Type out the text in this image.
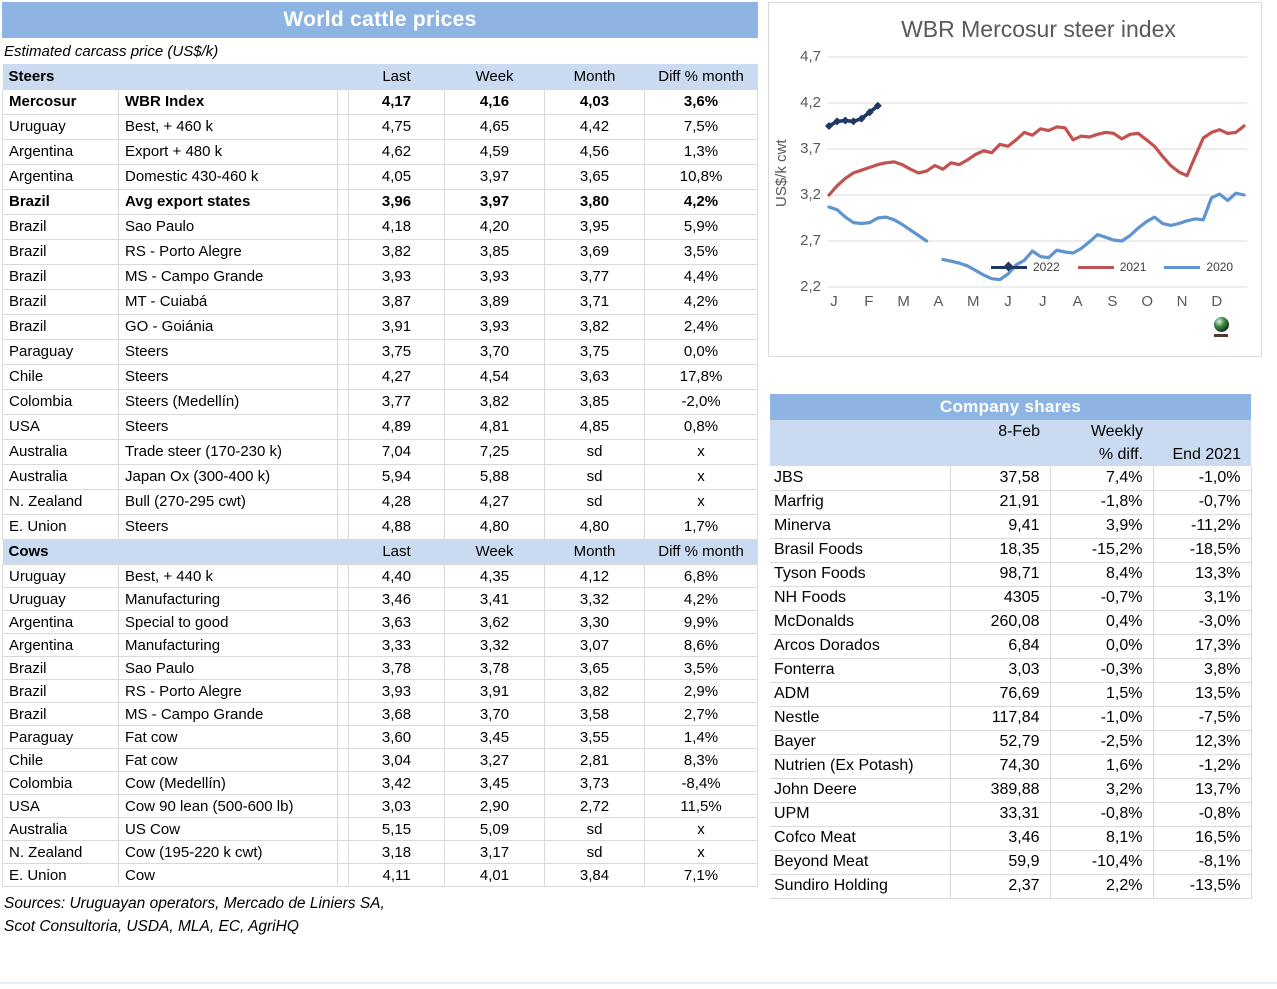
World cattle prices
Estimated carcass price (US$/k)
Steers			Last	Week	Month	Diff % month
Mercosur	WBR Index		4,17	4,16	4,03	3,6%
Uruguay	Best, + 460 k		4,75	4,65	4,42	7,5%
Argentina	Export + 480 k		4,62	4,59	4,56	1,3%
Argentina	Domestic 430-460 k		4,05	3,97	3,65	10,8%
Brazil	Avg export states		3,96	3,97	3,80	4,2%
Brazil	Sao Paulo		4,18	4,20	3,95	5,9%
Brazil	RS - Porto Alegre		3,82	3,85	3,69	3,5%
Brazil	MS - Campo Grande		3,93	3,93	3,77	4,4%
Brazil	MT - Cuiabá		3,87	3,89	3,71	4,2%
Brazil	GO - Goiánia		3,91	3,93	3,82	2,4%
Paraguay	Steers		3,75	3,70	3,75	0,0%
Chile	Steers		4,27	4,54	3,63	17,8%
Colombia	Steers (Medellín)		3,77	3,82	3,85	-2,0%
USA	Steers		4,89	4,81	4,85	0,8%
Australia	Trade steer (170-230 k)		7,04	7,25	sd	x
Australia	Japan Ox (300-400 k)		5,94	5,88	sd	x
N. Zealand	Bull (270-295 cwt)		4,28	4,27	sd	x
E. Union	Steers		4,88	4,80	4,80	1,7%
Cows			Last	Week	Month	Diff % month
Uruguay	Best, + 440 k		4,40	4,35	4,12	6,8%
Uruguay	Manufacturing		3,46	3,41	3,32	4,2%
Argentina	Special to good		3,63	3,62	3,30	9,9%
Argentina	Manufacturing		3,33	3,32	3,07	8,6%
Brazil	Sao Paulo		3,78	3,78	3,65	3,5%
Brazil	RS - Porto Alegre		3,93	3,91	3,82	2,9%
Brazil	MS - Campo Grande		3,68	3,70	3,58	2,7%
Paraguay	Fat cow		3,60	3,45	3,55	1,4%
Chile	Fat cow		3,04	3,27	2,81	8,3%
Colombia	Cow (Medellín)		3,42	3,45	3,73	-8,4%
USA	Cow 90 lean (500-600 lb)		3,03	2,90	2,72	11,5%
Australia	US Cow		5,15	5,09	sd	x
N. Zealand	Cow (195-220 k cwt)		3,18	3,17	sd	x
E. Union	Cow		4,11	4,01	3,84	7,1%
Sources: Uruguayan operators, Mercado de Liniers SA,
Scot Consultoria, USDA, MLA, EC, AgriHQ
WBR Mercosur steer index
US$/k cwt
4,7
4,2
3,7
3,2
2,7
2,2
J	F	M	A	M	J	J	A	S	O	N	D
2022	2021	2020
Company shares
	8-Feb	Weekly	
		% diff.	End 2021
JBS	37,58	7,4%	-1,0%
Marfrig	21,91	-1,8%	-0,7%
Minerva	9,41	3,9%	-11,2%
Brasil Foods	18,35	-15,2%	-18,5%
Tyson Foods	98,71	8,4%	13,3%
NH Foods	4305	-0,7%	3,1%
McDonalds	260,08	0,4%	-3,0%
Arcos Dorados	6,84	0,0%	17,3%
Fonterra	3,03	-0,3%	3,8%
ADM	76,69	1,5%	13,5%
Nestle	117,84	-1,0%	-7,5%
Bayer	52,79	-2,5%	12,3%
Nutrien (Ex Potash)	74,30	1,6%	-1,2%
John Deere	389,88	3,2%	13,7%
UPM	33,31	-0,8%	-0,8%
Cofco Meat	3,46	8,1%	16,5%
Beyond Meat	59,9	-10,4%	-8,1%
Sundiro Holding	2,37	2,2%	-13,5%
